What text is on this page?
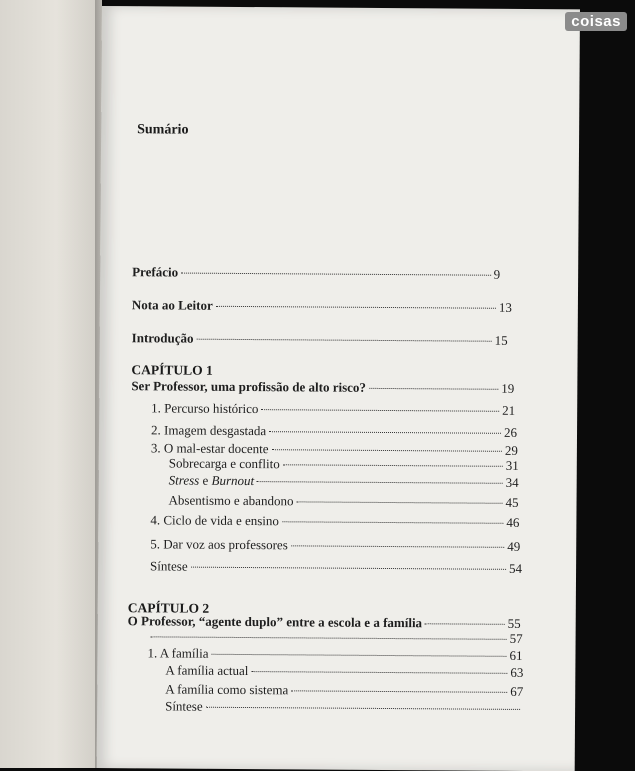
Sumário
Prefácio	9
Nota ao Leitor	13
Introdução	15
CAPÍTULO 1
Ser Professor, uma profissão de alto risco?	19
1. Percurso histórico	21
2. Imagem desgastada	26
3. O mal-estar docente	29
Sobrecarga e conflito	31
Stress e Burnout	34
Absentismo e abandono	45
4. Ciclo de vida e ensino	46
5. Dar voz aos professores	49
Síntese	54
CAPÍTULO 2
O Professor, “agente duplo” entre a escola e a família	55
57
1. A família	61
A família actual	63
A família como sistema	67
Síntese
coisas
